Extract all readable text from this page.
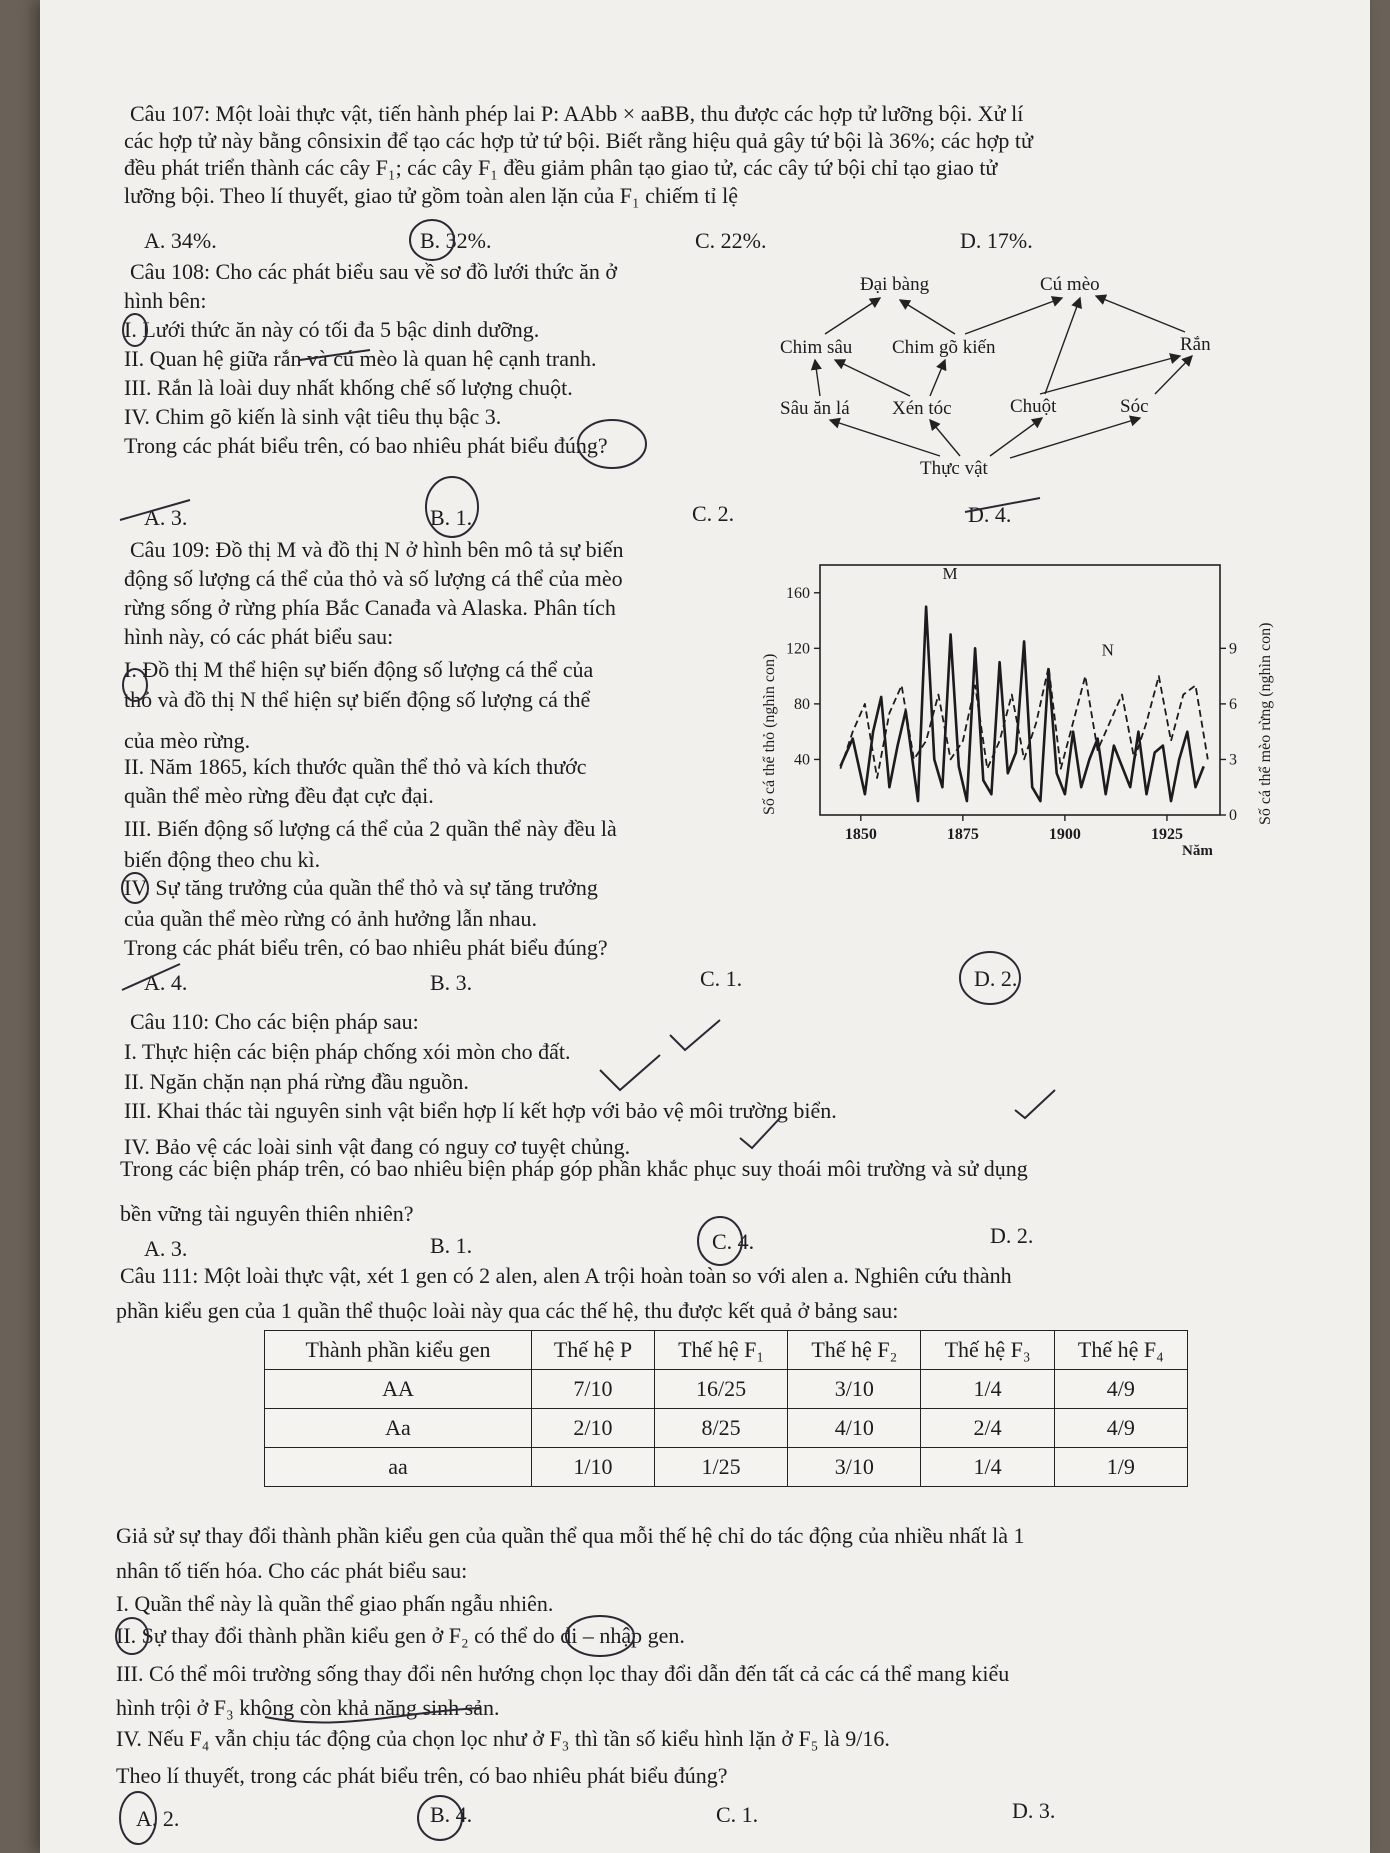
Câu 107: Một loài thực vật, tiến hành phép lai P: AAbb × aaBB, thu được các hợp tử lưỡng bội. Xử lí
các hợp tử này bằng cônsixin để tạo các hợp tử tứ bội. Biết rằng hiệu quả gây tứ bội là 36%; các hợp tử
đều phát triển thành các cây F₁; các cây F₁ đều giảm phân tạo giao tử, các cây tứ bội chỉ tạo giao tử
lưỡng bội. Theo lí thuyết, giao tử gồm toàn alen lặn của F₁ chiếm tỉ lệ
A. 34%.	B. 32%.	C. 22%.	D. 17%.
Câu 108: Cho các phát biểu sau về sơ đồ lưới thức ăn ở
hình bên:
I. Lưới thức ăn này có tối đa 5 bậc dinh dưỡng.
II. Quan hệ giữa rắn và cú mèo là quan hệ cạnh tranh.
III. Rắn là loài duy nhất khống chế số lượng chuột.
IV. Chim gõ kiến là sinh vật tiêu thụ bậc 3.
Trong các phát biểu trên, có bao nhiêu phát biểu đúng?
A. 3.	B. 1.	C. 2.	D. 4.
Đại bàng	Cú mèo
Chim sâu Chim gõ kiến	Rắn
Sâu ăn lá Xén tóc	Chuột	Sóc
Thực vật
Câu 109: Đồ thị M và đồ thị N ở hình bên mô tả sự biến
động số lượng cá thể của thỏ và số lượng cá thể của mèo
rừng sống ở rừng phía Bắc Canađa và Alaska. Phân tích
hình này, có các phát biểu sau:
I. Đồ thị M thể hiện sự biến động số lượng cá thể của
thỏ và đồ thị N thể hiện sự biến động số lượng cá thể
của mèo rừng.
II. Năm 1865, kích thước quần thể thỏ và kích thước
quần thể mèo rừng đều đạt cực đại.
III. Biến động số lượng cá thể của 2 quần thể này đều là
biến động theo chu kì.
IV. Sự tăng trưởng của quần thể thỏ và sự tăng trưởng
của quần thể mèo rừng có ảnh hưởng lẫn nhau.
Trong các phát biểu trên, có bao nhiêu phát biểu đúng?
A. 4.	B. 3.	C. 1.	D. 2.
Số cá thể thỏ (nghìn con)	Số cá thể mèo rừng (nghìn con)
Năm
1850	1875	1900	1925
40
80
120
160
0
3
6
9
M
N
Câu 110: Cho các biện pháp sau:
I. Thực hiện các biện pháp chống xói mòn cho đất.
II. Ngăn chặn nạn phá rừng đầu nguồn.
III. Khai thác tài nguyên sinh vật biển hợp lí kết hợp với bảo vệ môi trường biển.
IV. Bảo vệ các loài sinh vật đang có nguy cơ tuyệt chủng.
Trong các biện pháp trên, có bao nhiêu biện pháp góp phần khắc phục suy thoái môi trường và sử dụng
bền vững tài nguyên thiên nhiên?
A. 3.	B. 1.	C. 4.	D. 2.
Câu 111: Một loài thực vật, xét 1 gen có 2 alen, alen A trội hoàn toàn so với alen a. Nghiên cứu thành
phần kiểu gen của 1 quần thể thuộc loài này qua các thế hệ, thu được kết quả ở bảng sau:
Thành phần kiểu gen	Thế hệ P	Thế hệ F₁	Thế hệ F₂	Thế hệ F₃	Thế hệ F₄
AA	7/10	16/25	3/10	1/4	4/9
Aa	2/10	8/25	4/10	2/4	4/9
aa	1/10	1/25	3/10	1/4	1/9
Giả sử sự thay đổi thành phần kiểu gen của quần thể qua mỗi thế hệ chỉ do tác động của nhiều nhất là 1
nhân tố tiến hóa. Cho các phát biểu sau:
I. Quần thể này là quần thể giao phấn ngẫu nhiên.
II. Sự thay đổi thành phần kiểu gen ở F₂ có thể do di – nhập gen.
III. Có thể môi trường sống thay đổi nên hướng chọn lọc thay đổi dẫn đến tất cả các cá thể mang kiểu
hình trội ở F₃ không còn khả năng sinh sản.
IV. Nếu F₄ vẫn chịu tác động của chọn lọc như ở F₃ thì tần số kiểu hình lặn ở F₅ là 9/16.
Theo lí thuyết, trong các phát biểu trên, có bao nhiêu phát biểu đúng?
A. 2.	B. 4.	C. 1.	D. 3.
